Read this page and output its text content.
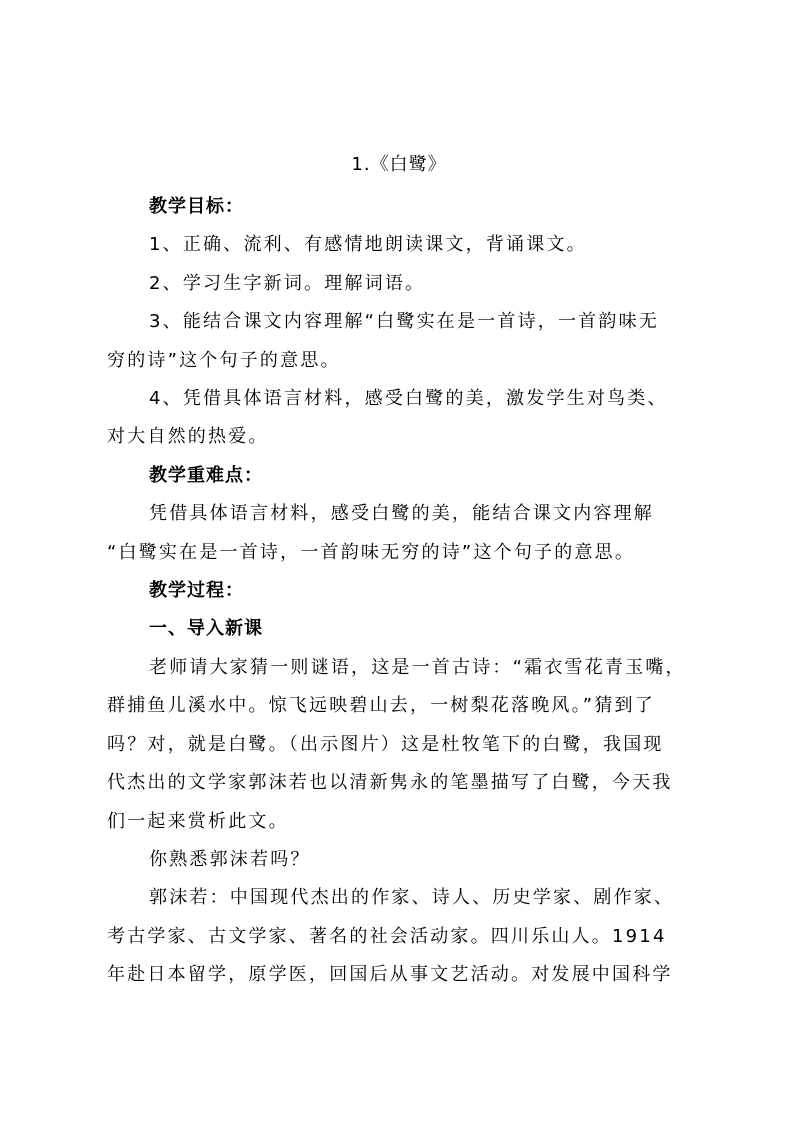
1.《白鹭》

教学目标：

1、正确、流利、有感情地朗读课文，背诵课文。

2、学习生字新词。理解词语。

3、能结合课文内容理解“白鹭实在是一首诗，一首韵味无

穷的诗”这个句子的意思。

4、凭借具体语言材料，感受白鹭的美，激发学生对鸟类、

对大自然的热爱。

教学重难点：

凭借具体语言材料，感受白鹭的美，能结合课文内容理解

“白鹭实在是一首诗，一首韵味无穷的诗”这个句子的意思。

教学过程：

一、导入新课

老师请大家猜一则谜语，这是一首古诗：“霜衣雪花青玉嘴，

群捕鱼儿溪水中。惊飞远映碧山去，一树梨花落晚风。”猜到了

吗？对，就是白鹭。（出示图片）这是杜牧笔下的白鹭，我国现

代杰出的文学家郭沫若也以清新隽永的笔墨描写了白鹭，今天我

们一起来赏析此文。

你熟悉郭沫若吗？

郭沫若：中国现代杰出的作家、诗人、历史学家、剧作家、

考古学家、古文学家、著名的社会活动家。四川乐山人。1914

年赴日本留学，原学医，回国后从事文艺活动。对发展中国科学
